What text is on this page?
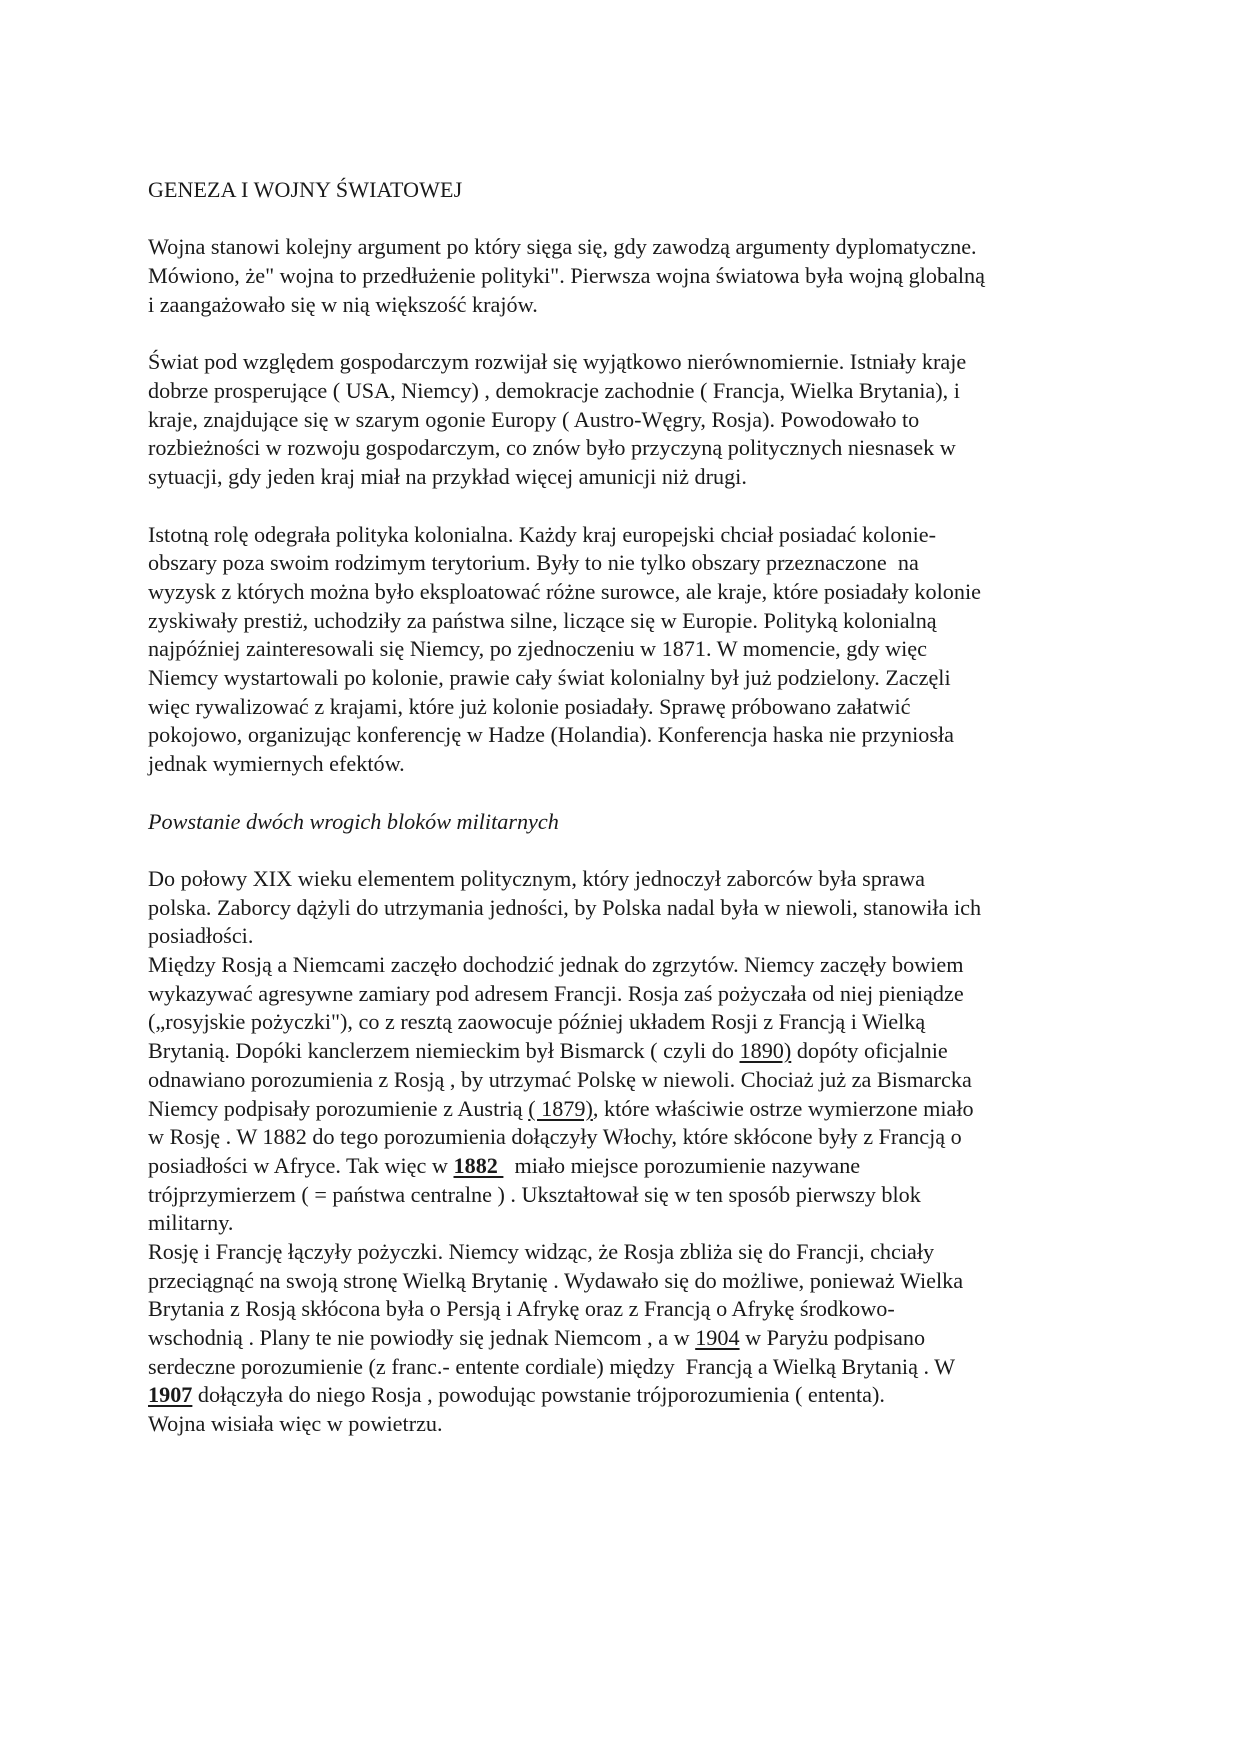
GENEZA I WOJNY ŚWIATOWEJ
Wojna stanowi kolejny argument po który sięga się, gdy zawodzą argumenty dyplomatyczne.
Mówiono, że" wojna to przedłużenie polityki". Pierwsza wojna światowa była wojną globalną
i zaangażowało się w nią większość krajów.
Świat pod względem gospodarczym rozwijał się wyjątkowo nierównomiernie. Istniały kraje
dobrze prosperujące ( USA, Niemcy) , demokracje zachodnie ( Francja, Wielka Brytania), i
kraje, znajdujące się w szarym ogonie Europy ( Austro-Węgry, Rosja). Powodowało to
rozbieżności w rozwoju gospodarczym, co znów było przyczyną politycznych niesnasek w
sytuacji, gdy jeden kraj miał na przykład więcej amunicji niż drugi.
Istotną rolę odegrała polityka kolonialna. Każdy kraj europejski chciał posiadać kolonie-
obszary poza swoim rodzimym terytorium. Były to nie tylko obszary przeznaczone  na
wyzysk z których można było eksploatować różne surowce, ale kraje, które posiadały kolonie
zyskiwały prestiż, uchodziły za państwa silne, liczące się w Europie. Polityką kolonialną
najpóźniej zainteresowali się Niemcy, po zjednoczeniu w 1871. W momencie, gdy więc
Niemcy wystartowali po kolonie, prawie cały świat kolonialny był już podzielony. Zaczęli
więc rywalizować z krajami, które już kolonie posiadały. Sprawę próbowano załatwić
pokojowo, organizując konferencję w Hadze (Holandia). Konferencja haska nie przyniosła
jednak wymiernych efektów.
Powstanie dwóch wrogich bloków militarnych
Do połowy XIX wieku elementem politycznym, który jednoczył zaborców była sprawa
polska. Zaborcy dążyli do utrzymania jedności, by Polska nadal była w niewoli, stanowiła ich
posiadłości.
Między Rosją a Niemcami zaczęło dochodzić jednak do zgrzytów. Niemcy zaczęły bowiem
wykazywać agresywne zamiary pod adresem Francji. Rosja zaś pożyczała od niej pieniądze
(„rosyjskie pożyczki"), co z resztą zaowocuje później układem Rosji z Francją i Wielką
Brytanią. Dopóki kanclerzem niemieckim był Bismarck ( czyli do 1890) dopóty oficjalnie
odnawiano porozumienia z Rosją , by utrzymać Polskę w niewoli. Chociaż już za Bismarcka
Niemcy podpisały porozumienie z Austrią ( 1879), które właściwie ostrze wymierzone miało
w Rosję . W 1882 do tego porozumienia dołączyły Włochy, które skłócone były z Francją o
posiadłości w Afryce. Tak więc w 1882   miało miejsce porozumienie nazywane
trójprzymierzem ( = państwa centralne ) . Ukształtował się w ten sposób pierwszy blok
militarny.
Rosję i Francję łączyły pożyczki. Niemcy widząc, że Rosja zbliża się do Francji, chciały
przeciągnąć na swoją stronę Wielką Brytanię . Wydawało się do możliwe, ponieważ Wielka
Brytania z Rosją skłócona była o Persją i Afrykę oraz z Francją o Afrykę środkowo-
wschodnią . Plany te nie powiodły się jednak Niemcom , a w 1904 w Paryżu podpisano
serdeczne porozumienie (z franc.- entente cordiale) między  Francją a Wielką Brytanią . W
1907 dołączyła do niego Rosja , powodując powstanie trójporozumienia ( ententa).
Wojna wisiała więc w powietrzu.
